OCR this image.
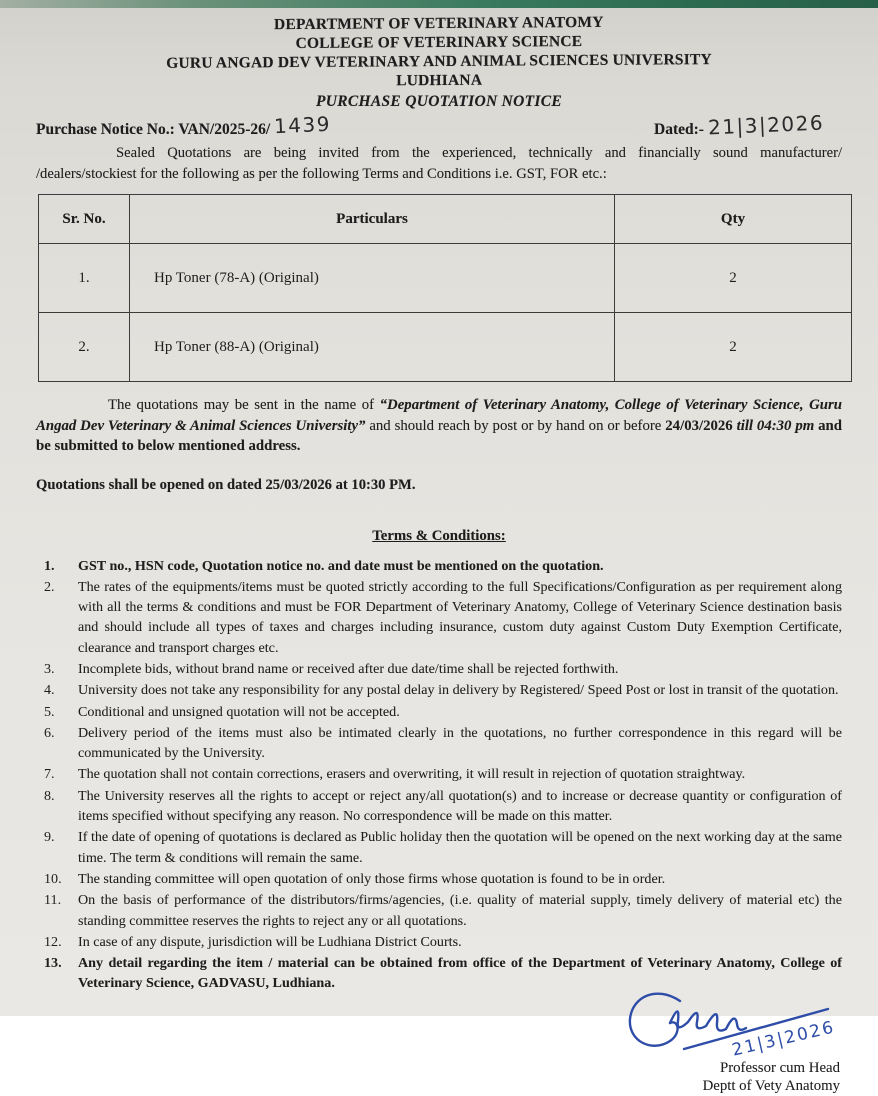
DEPARTMENT OF VETERINARY ANATOMY
COLLEGE OF VETERINARY SCIENCE
GURU ANGAD DEV VETERINARY AND ANIMAL SCIENCES UNIVERSITY
LUDHIANA
PURCHASE QUOTATION NOTICE
Purchase Notice No.: VAN/2025-26/ 1439	Dated:- 21|3|2026
Sealed Quotations are being invited from the experienced, technically and financially sound manufacturer/ /dealers/stockiest for the following as per the following Terms and Conditions i.e. GST, FOR etc.:
Sr. No.	Particulars	Qty
1.	Hp Toner (78-A) (Original)	2
2.	Hp Toner (88-A) (Original)	2
The quotations may be sent in the name of “Department of Veterinary Anatomy, College of Veterinary Science, Guru Angad Dev Veterinary & Animal Sciences University” and should reach by post or by hand on or before 24/03/2026 till 04:30 pm and be submitted to below mentioned address.
Quotations shall be opened on dated 25/03/2026 at 10:30 PM.
Terms & Conditions:
1.	GST no., HSN code, Quotation notice no. and date must be mentioned on the quotation.
2.	The rates of the equipments/items must be quoted strictly according to the full Specifications/Configuration as per requirement along with all the terms & conditions and must be FOR Department of Veterinary Anatomy, College of Veterinary Science destination basis and should include all types of taxes and charges including insurance, custom duty against Custom Duty Exemption Certificate, clearance and transport charges etc.
3.	Incomplete bids, without brand name or received after due date/time shall be rejected forthwith.
4.	University does not take any responsibility for any postal delay in delivery by Registered/ Speed Post or lost in transit of the quotation.
5.	Conditional and unsigned quotation will not be accepted.
6.	Delivery period of the items must also be intimated clearly in the quotations, no further correspondence in this regard will be communicated by the University.
7.	The quotation shall not contain corrections, erasers and overwriting, it will result in rejection of quotation straightway.
8.	The University reserves all the rights to accept or reject any/all quotation(s) and to increase or decrease quantity or configuration of items specified without specifying any reason. No correspondence will be made on this matter.
9.	If the date of opening of quotations is declared as Public holiday then the quotation will be opened on the next working day at the same time. The term & conditions will remain the same.
10.	The standing committee will open quotation of only those firms whose quotation is found to be in order.
11.	On the basis of performance of the distributors/firms/agencies, (i.e. quality of material supply, timely delivery of material etc) the standing committee reserves the rights to reject any or all quotations.
12.	In case of any dispute, jurisdiction will be Ludhiana District Courts.
13.	Any detail regarding the item / material can be obtained from office of the Department of Veterinary Anatomy, College of Veterinary Science, GADVASU, Ludhiana.
21|3|2026
Professor cum Head
Deptt of Vety Anatomy
